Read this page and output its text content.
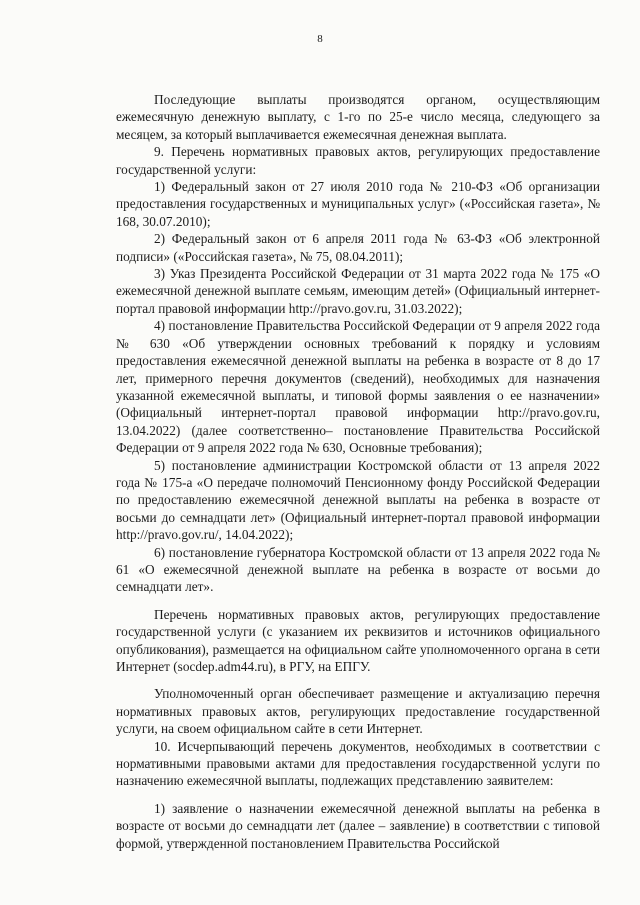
8

Последующие выплаты производятся органом, осуществляющим ежемесячную денежную выплату, с 1-го по 25-е число месяца, следующего за месяцем, за который выплачивается ежемесячная денежная выплата.

9. Перечень нормативных правовых актов, регулирующих предоставление государственной услуги:

1) Федеральный закон от 27 июля 2010 года № 210-ФЗ «Об организации предоставления государственных и муниципальных услуг» («Российская газета», № 168, 30.07.2010);

2) Федеральный закон от 6 апреля 2011 года № 63-ФЗ «Об электронной подписи» («Российская газета», № 75, 08.04.2011);

3) Указ Президента Российской Федерации от 31 марта 2022 года № 175 «О ежемесячной денежной выплате семьям, имеющим детей» (Официальный интернет-портал правовой информации http://pravo.gov.ru, 31.03.2022);

4) постановление Правительства Российской Федерации от 9 апреля 2022 года № 630 «Об утверждении основных требований к порядку и условиям предоставления ежемесячной денежной выплаты на ребенка в возрасте от 8 до 17 лет, примерного перечня документов (сведений), необходимых для назначения указанной ежемесячной выплаты, и типовой формы заявления о ее назначении» (Официальный интернет-портал правовой информации http://pravo.gov.ru, 13.04.2022) (далее соответственно– постановление Правительства Российской Федерации от 9 апреля 2022 года № 630, Основные требования);

5) постановление администрации Костромской области от 13 апреля 2022 года № 175-а «О передаче полномочий Пенсионному фонду Российской Федерации по предоставлению ежемесячной денежной выплаты на ребенка в возрасте от восьми до семнадцати лет» (Официальный интернет-портал правовой информации http://pravo.gov.ru/, 14.04.2022);

6) постановление губернатора Костромской области от 13 апреля 2022 года № 61 «О ежемесячной денежной выплате на ребенка в возрасте от восьми до семнадцати лет».

Перечень нормативных правовых актов, регулирующих предоставление государственной услуги (с указанием их реквизитов и источников официального опубликования), размещается на официальном сайте уполномоченного органа в сети Интернет (socdep.adm44.ru), в РГУ, на ЕПГУ.

Уполномоченный орган обеспечивает размещение и актуализацию перечня нормативных правовых актов, регулирующих предоставление государственной услуги, на своем официальном сайте в сети Интернет.

10. Исчерпывающий перечень документов, необходимых в соответствии с нормативными правовыми актами для предоставления государственной услуги по назначению ежемесячной выплаты, подлежащих представлению заявителем:

1) заявление о назначении ежемесячной денежной выплаты на ребенка в возрасте от восьми до семнадцати лет (далее – заявление) в соответствии с типовой формой, утвержденной постановлением Правительства Российской
